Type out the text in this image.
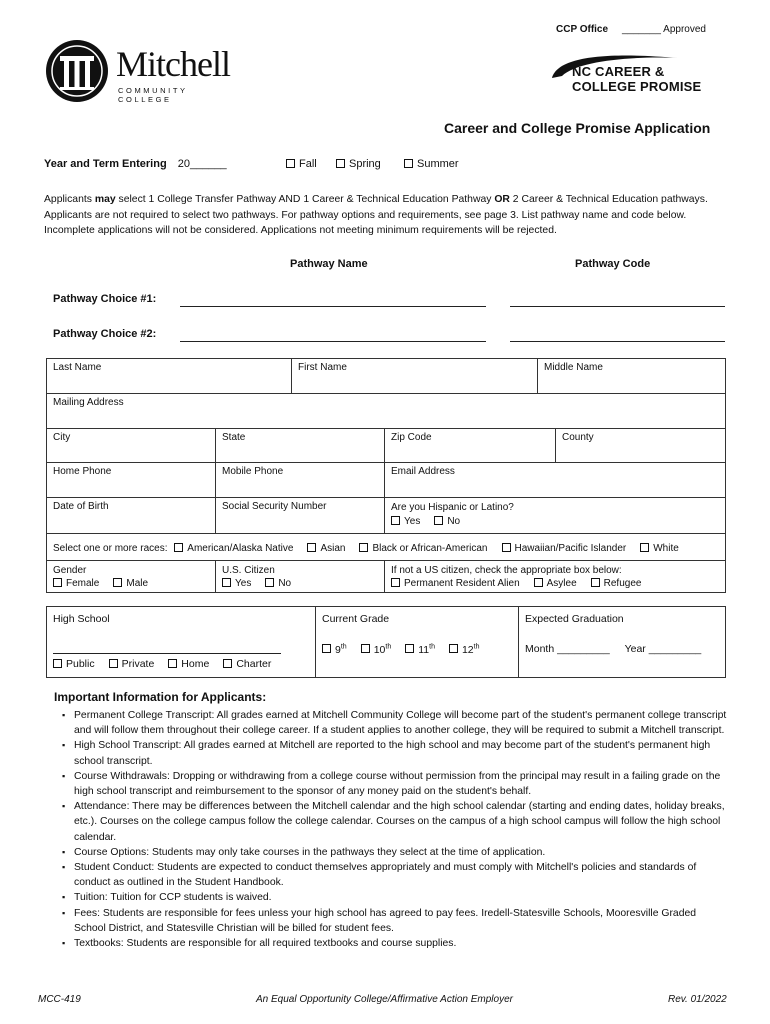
CCP Office _______ Approved
Mitchell
COMMUNITY COLLEGE
NC CAREER &
COLLEGE PROMISE
Career and College Promise Application
Year and Term Entering 20______	Fall	Spring	Summer
Applicants may select 1 College Transfer Pathway AND 1 Career & Technical Education Pathway OR 2 Career & Technical Education pathways. Applicants are not required to select two pathways. For pathway options and requirements, see page 3. List pathway name and code below. Incomplete applications will not be considered. Applications not meeting minimum requirements will be rejected.
Pathway Name	Pathway Code
Pathway Choice #1:
Pathway Choice #2:
Last Name	First Name	Middle Name
Mailing Address
City	State	Zip Code	County
Home Phone	Mobile Phone	Email Address
Date of Birth	Social Security Number	Are you Hispanic or Latino?
Yes	No
Select one or more races: American/Alaska Native	Asian	Black or African-American	Hawaiian/Pacific Islander	White
Gender
Female	Male
U.S. Citizen
Yes	No
If not a US citizen, check the appropriate box below:
Permanent Resident Alien	Asylee	Refugee
High School
Public	Private	Home	Charter
Current Grade
9th	10th	11th	12th
Expected Graduation
Month _________ Year _________
Important Information for Applicants:
▪ Permanent College Transcript: All grades earned at Mitchell Community College will become part of the student's permanent college transcript and will follow them throughout their college career. If a student applies to another college, they will be required to submit a Mitchell transcript.
▪ High School Transcript: All grades earned at Mitchell are reported to the high school and may become part of the student's permanent high school transcript.
▪ Course Withdrawals: Dropping or withdrawing from a college course without permission from the principal may result in a failing grade on the high school transcript and reimbursement to the sponsor of any money paid on the student's behalf.
▪ Attendance: There may be differences between the Mitchell calendar and the high school calendar (starting and ending dates, holiday breaks, etc.). Courses on the college campus follow the college calendar. Courses on the campus of a high school campus will follow the high school calendar.
▪ Course Options: Students may only take courses in the pathways they select at the time of application.
▪ Student Conduct: Students are expected to conduct themselves appropriately and must comply with Mitchell's policies and standards of conduct as outlined in the Student Handbook.
▪ Tuition: Tuition for CCP students is waived.
▪ Fees: Students are responsible for fees unless your high school has agreed to pay fees. Iredell-Statesville Schools, Mooresville Graded School District, and Statesville Christian will be billed for student fees.
▪ Textbooks: Students are responsible for all required textbooks and course supplies.
MCC-419	An Equal Opportunity College/Affirmative Action Employer	Rev. 01/2022
